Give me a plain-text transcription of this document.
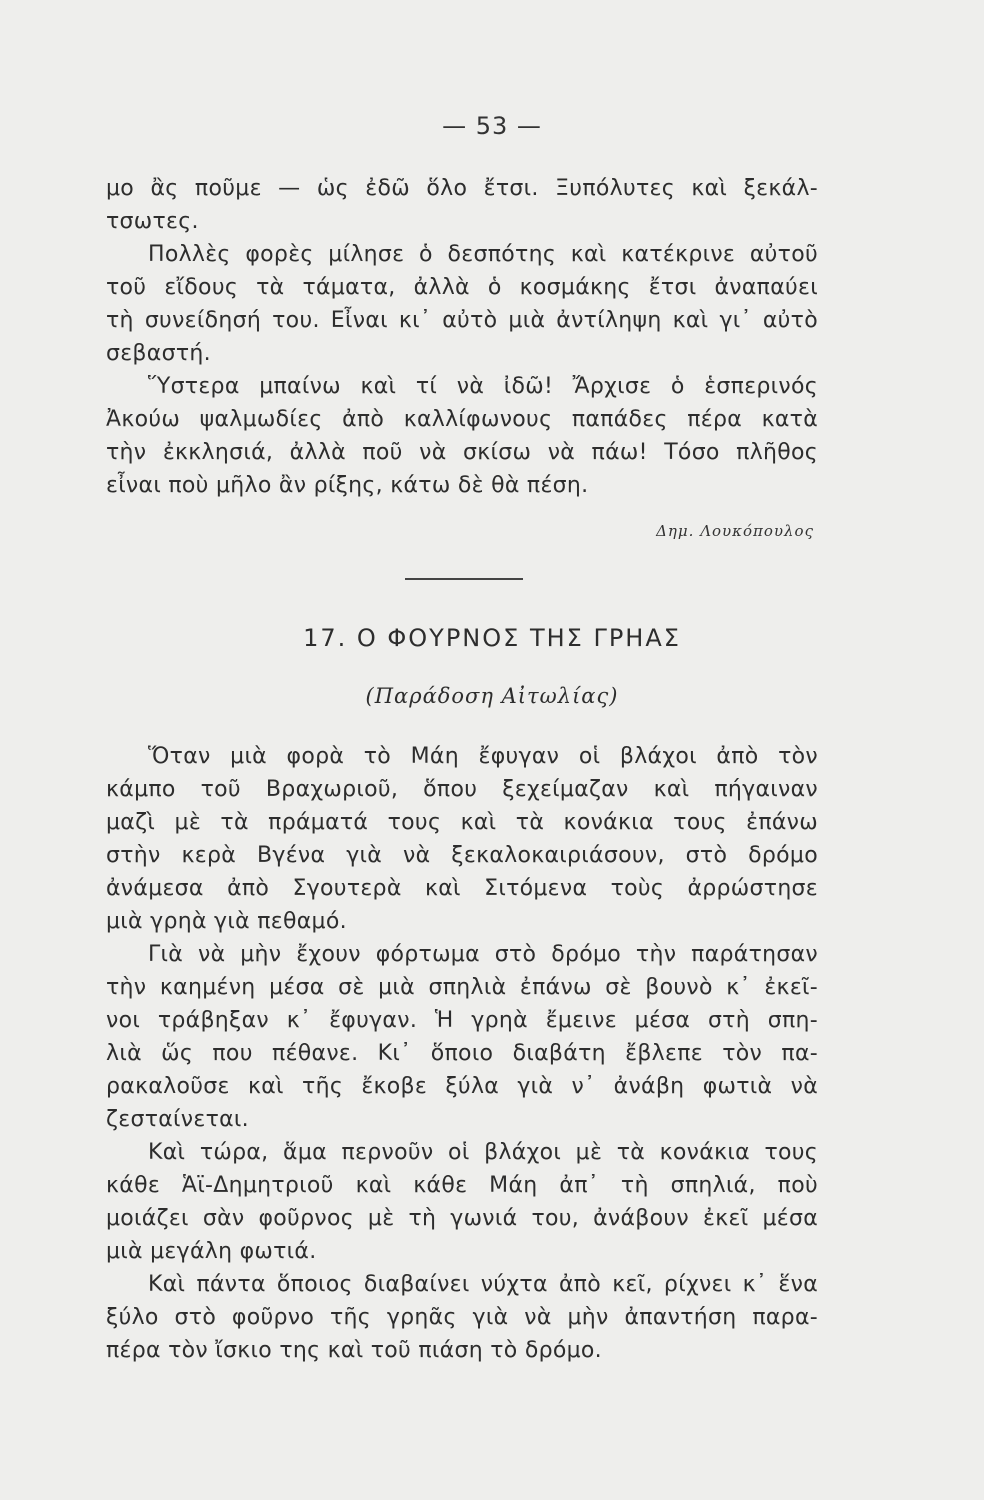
— 53 —
μο ἂς ποῦμε — ὡς ἐδῶ ὅλο ἔτσι. Ξυπόλυτες καὶ ξεκάλ-
τσωτες.
Πολλὲς φορὲς μίλησε ὁ δεσπότης καὶ κατέκρινε αὐτοῦ
τοῦ εἴδους τὰ τάματα, ἀλλὰ ὁ κοσμάκης ἔτσι ἀναπαύει
τὴ συνείδησή του. Εἶναι κι᾿ αὐτὸ μιὰ ἀντίληψη καὶ γι᾿ αὐτὸ
σεβαστή.
Ὕστερα μπαίνω καὶ τί νὰ ἰδῶ! Ἄρχισε ὁ ἑσπερινός
Ἀκούω ψαλμωδίες ἀπὸ καλλίφωνους παπάδες πέρα κατὰ
τὴν ἐκκλησιά, ἀλλὰ ποῦ νὰ σκίσω νὰ πάω! Τόσο πλῆθος
εἶναι ποὺ μῆλο ἂν ρίξης, κάτω δὲ θὰ πέση.
Δημ. Λουκόπουλος
17. Ο ΦΟΥΡΝΟΣ ΤΗΣ ΓΡΗΑΣ
(Παράδοση Αἰτωλίας)
Ὅταν μιὰ φορὰ τὸ Μάη ἔφυγαν οἱ βλάχοι ἀπὸ τὸν
κάμπο τοῦ Βραχωριοῦ, ὅπου ξεχείμαζαν καὶ πήγαιναν
μαζὶ μὲ τὰ πράματά τους καὶ τὰ κονάκια τους ἐπάνω
στὴν κερὰ Βγένα γιὰ νὰ ξεκαλοκαιριάσουν, στὸ δρόμο
ἀνάμεσα ἀπὸ Σγουτερὰ καὶ Σιτόμενα τοὺς ἀρρώστησε
μιὰ γρηὰ γιὰ πεθαμό.
Γιὰ νὰ μὴν ἔχουν φόρτωμα στὸ δρόμο τὴν παράτησαν
τὴν καημένη μέσα σὲ μιὰ σπηλιὰ ἐπάνω σὲ βουνὸ κ᾿ ἐκεῖ-
νοι τράβηξαν κ᾿ ἔφυγαν. Ἡ γρηὰ ἔμεινε μέσα στὴ σπη-
λιὰ ὥς που πέθανε. Κι᾿ ὅποιο διαβάτη ἔβλεπε τὸν πα-
ρακαλοῦσε καὶ τῆς ἔκοβε ξύλα γιὰ ν᾿ ἀνάβη φωτιὰ νὰ
ζεσταίνεται.
Καὶ τώρα, ἅμα περνοῦν οἱ βλάχοι μὲ τὰ κονάκια τους
κάθε Ἁϊ-Δημητριοῦ καὶ κάθε Μάη ἀπ᾿ τὴ σπηλιά, ποὺ
μοιάζει σὰν φοῦρνος μὲ τὴ γωνιά του, ἀνάβουν ἐκεῖ μέσα
μιὰ μεγάλη φωτιά.
Καὶ πάντα ὅποιος διαβαίνει νύχτα ἀπὸ κεῖ, ρίχνει κ᾿ ἕνα
ξύλο στὸ φοῦρνο τῆς γρηᾶς γιὰ νὰ μὴν ἀπαντήση παρα-
πέρα τὸν ἴσκιο της καὶ τοῦ πιάση τὸ δρόμο.
